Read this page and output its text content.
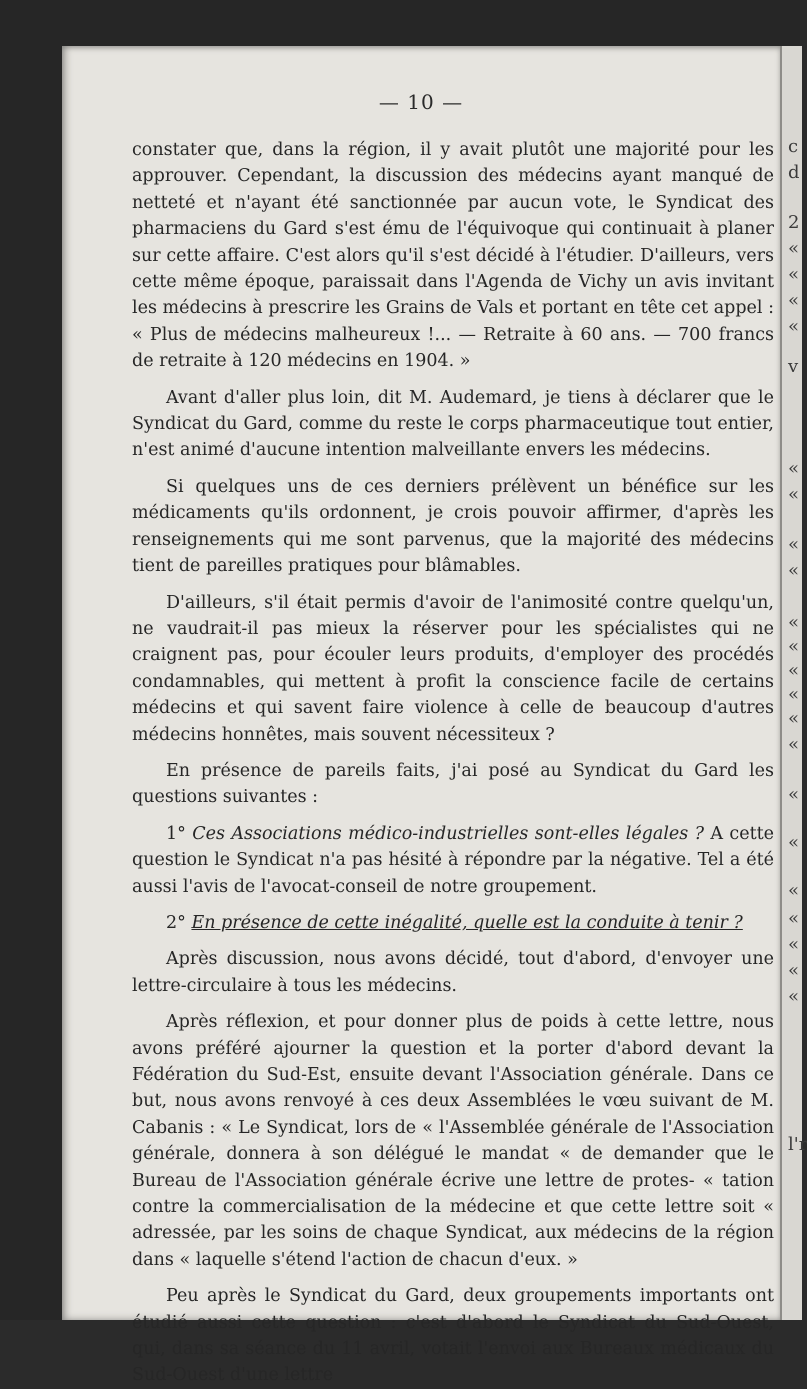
— 10 —

constater que, dans la région, il y avait plutôt une majorité pour les approuver. Cependant, la discussion des médecins ayant manqué de netteté et n'ayant été sanctionnée par aucun vote, le Syndicat des pharmaciens du Gard s'est ému de l'équivoque qui continuait à planer sur cette affaire. C'est alors qu'il s'est décidé à l'étudier. D'ailleurs, vers cette même époque, paraissait dans l'Agenda de Vichy un avis invitant les médecins à prescrire les Grains de Vals et portant en tête cet appel : « Plus de médecins malheureux !... — Retraite à 60 ans. — 700 francs de retraite à 120 médecins en 1904. »

Avant d'aller plus loin, dit M. Audemard, je tiens à déclarer que le Syndicat du Gard, comme du reste le corps pharmaceutique tout entier, n'est animé d'aucune intention malveillante envers les médecins.

Si quelques uns de ces derniers prélèvent un bénéfice sur les médicaments qu'ils ordonnent, je crois pouvoir affirmer, d'après les renseignements qui me sont parvenus, que la majorité des médecins tient de pareilles pratiques pour blâmables.

D'ailleurs, s'il était permis d'avoir de l'animosité contre quelqu'un, ne vaudrait-il pas mieux la réserver pour les spécialistes qui ne craignent pas, pour écouler leurs produits, d'employer des procédés condamnables, qui mettent à profit la conscience facile de certains médecins et qui savent faire violence à celle de beaucoup d'autres médecins honnêtes, mais souvent nécessiteux ?

En présence de pareils faits, j'ai posé au Syndicat du Gard les questions suivantes :

1° Ces Associations médico-industrielles sont-elles légales ? A cette question le Syndicat n'a pas hésité à répondre par la négative. Tel a été aussi l'avis de l'avocat-conseil de notre groupement.

2° En présence de cette inégalité, quelle est la conduite à tenir ?

Après discussion, nous avons décidé, tout d'abord, d'envoyer une lettre-circulaire à tous les médecins.

Après réflexion, et pour donner plus de poids à cette lettre, nous avons préféré ajourner la question et la porter d'abord devant la Fédération du Sud-Est, ensuite devant l'Association générale. Dans ce but, nous avons renvoyé à ces deux Assemblées le vœu suivant de M. Cabanis : « Le Syndicat, lors de « l'Assemblée générale de l'Association générale, donnera à son délégué le mandat « de demander que le Bureau de l'Association générale écrive une lettre de protes- « tation contre la commercialisation de la médecine et que cette lettre soit « adressée, par les soins de chaque Syndicat, aux médecins de la région dans « laquelle s'étend l'action de chacun d'eux. »

Peu après le Syndicat du Gard, deux groupements importants ont étudié aussi cette question : c'est d'abord le Syndicat du Sud-Ouest, qui, dans sa séance du 11 avril, votait l'envoi aux Bureaux médicaux du Sud-Ouest d'une lettre

c
d
2
«
«
«
«
v
«
«
«
«
«
«
«
«
«
«
«
«
«
«
«
«
«
l'r
